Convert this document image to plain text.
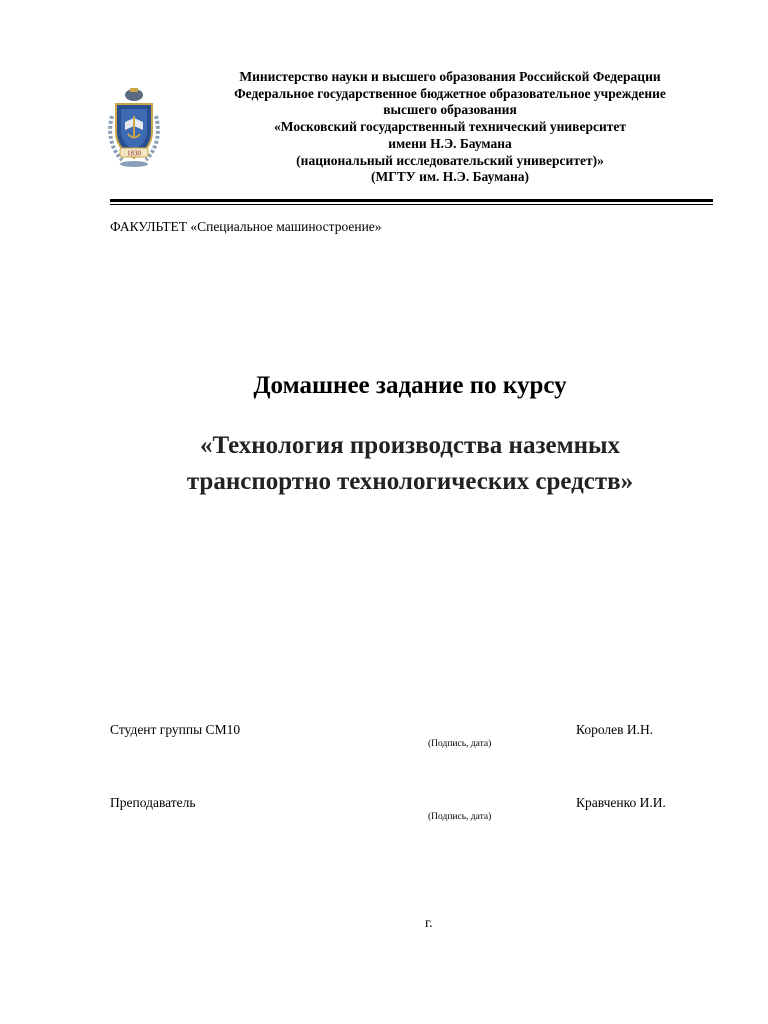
1830
Министерство науки и высшего образования Российской Федерации
Федеральное государственное бюджетное образовательное учреждение
высшего образования
«Московский государственный технический университет
имени Н.Э. Баумана
(национальный исследовательский университет)»
(МГТУ им. Н.Э. Баумана)
ФАКУЛЬТЕТ «Специальное машиностроение»
Домашнее задание по курсу
«Технология производства наземных
транспортно технологических средств»
Студент группы СМ10
(Подпись, дата)
Королев И.Н.
Преподаватель
(Подпись, дата)
Кравченко И.И.
г.
